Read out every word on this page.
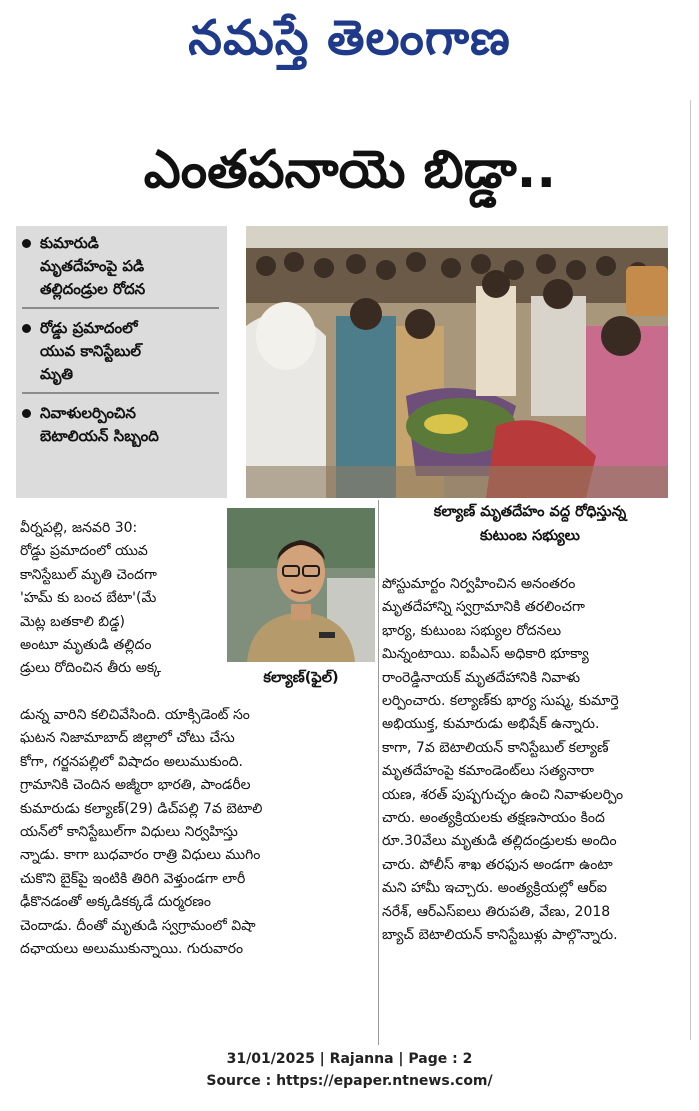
నమస్తే తెలంగాణ
ఎంతపనాయె బిడ్డా..
కుమారుడి
మృతదేహంపై పడి
తల్లిదండ్రుల రోదన
రోడ్డు ప్రమాదంలో
యువ కానిస్టేబుల్
మృతి
నివాళులర్పించిన
బెటాలియన్ సిబ్బంది
కల్యాణ్ మృతదేహం వద్ద రోధిస్తున్న
కుటుంబ సభ్యులు
కల్యాణ్(ఫైల్)

వీర్నపల్లి, జనవరి 30:

రోడ్డు ప్రమాదంలో యువ

కానిస్టేబుల్ మృతి చెందగా

'హమ్ కు బంచ బేటా'(మే

మెట్ల బతకాలి బిడ్డ)

అంటూ మృతుడి తల్లిదం

డ్రులు రోదించిన తీరు అక్క

డున్న వారిని కలిచివేసింది. యాక్సిడెంట్ సం

ఘటన నిజామాబాద్ జిల్లాలో చోటు చేసు

కోగా, గర్జనపల్లిలో విషాదం అలుముకుంది.

గ్రామానికి చెందిన అజ్మీరా భారతి, పాండరీల

కుమారుడు కల్యాణ్(29) డిచ్‌పల్లి 7వ బెటాలి

యన్‌లో కానిస్టేబుల్‌గా విధులు నిర్వహిస్తు

న్నాడు. కాగా బుధవారం రాత్రి విధులు ముగిం

చుకొని బైక్‌పై ఇంటికి తిరిగి వెళ్తుండగా లారీ

ఢీకొనడంతో అక్కడికక్కడే దుర్మరణం

చెందాడు. దీంతో మృతుడి స్వగ్రామంలో విషా

దఛాయలు అలుముకున్నాయి. గురువారం

పోస్టుమార్టం నిర్వహించిన అనంతరం

మృతదేహాన్ని స్వగ్రామానికి తరలించగా

భార్య, కుటుంబ సభ్యుల రోదనలు

మిన్నంటాయి. ఐపీఎస్ అధికారి భూక్యా

రాంరెడ్డినాయక్ మృతదేహానికి నివాళు

లర్పించారు. కల్యాణ్‌కు భార్య సుష్మ, కుమార్తె

అభియుక్త, కుమారుడు అభిషేక్ ఉన్నారు.

కాగా, 7వ బెటాలియన్ కానిస్టేబుల్ కల్యాణ్

మృతదేహంపై కమాండెంట్‌లు సత్యనారా

యణ, శరత్ పుష్పగుచ్ఛం ఉంచి నివాళులర్పిం

చారు. అంత్యక్రియలకు తక్షణసాయం కింద

రూ.30వేలు మృతుడి తల్లిదండ్రులకు అందిం

చారు. పోలీస్ శాఖ తరఫున అండగా ఉంటా

మని హామీ ఇచ్చారు. అంత్యక్రియల్లో ఆర్ఐ

నరేశ్, ఆర్ఎస్ఐలు తిరుపతి, వేణు, 2018

బ్యాచ్ బెటాలియన్ కానిస్టేబుళ్లు పాల్గొన్నారు.

31/01/2025 | Rajanna | Page : 2
Source : https://epaper.ntnews.com/
